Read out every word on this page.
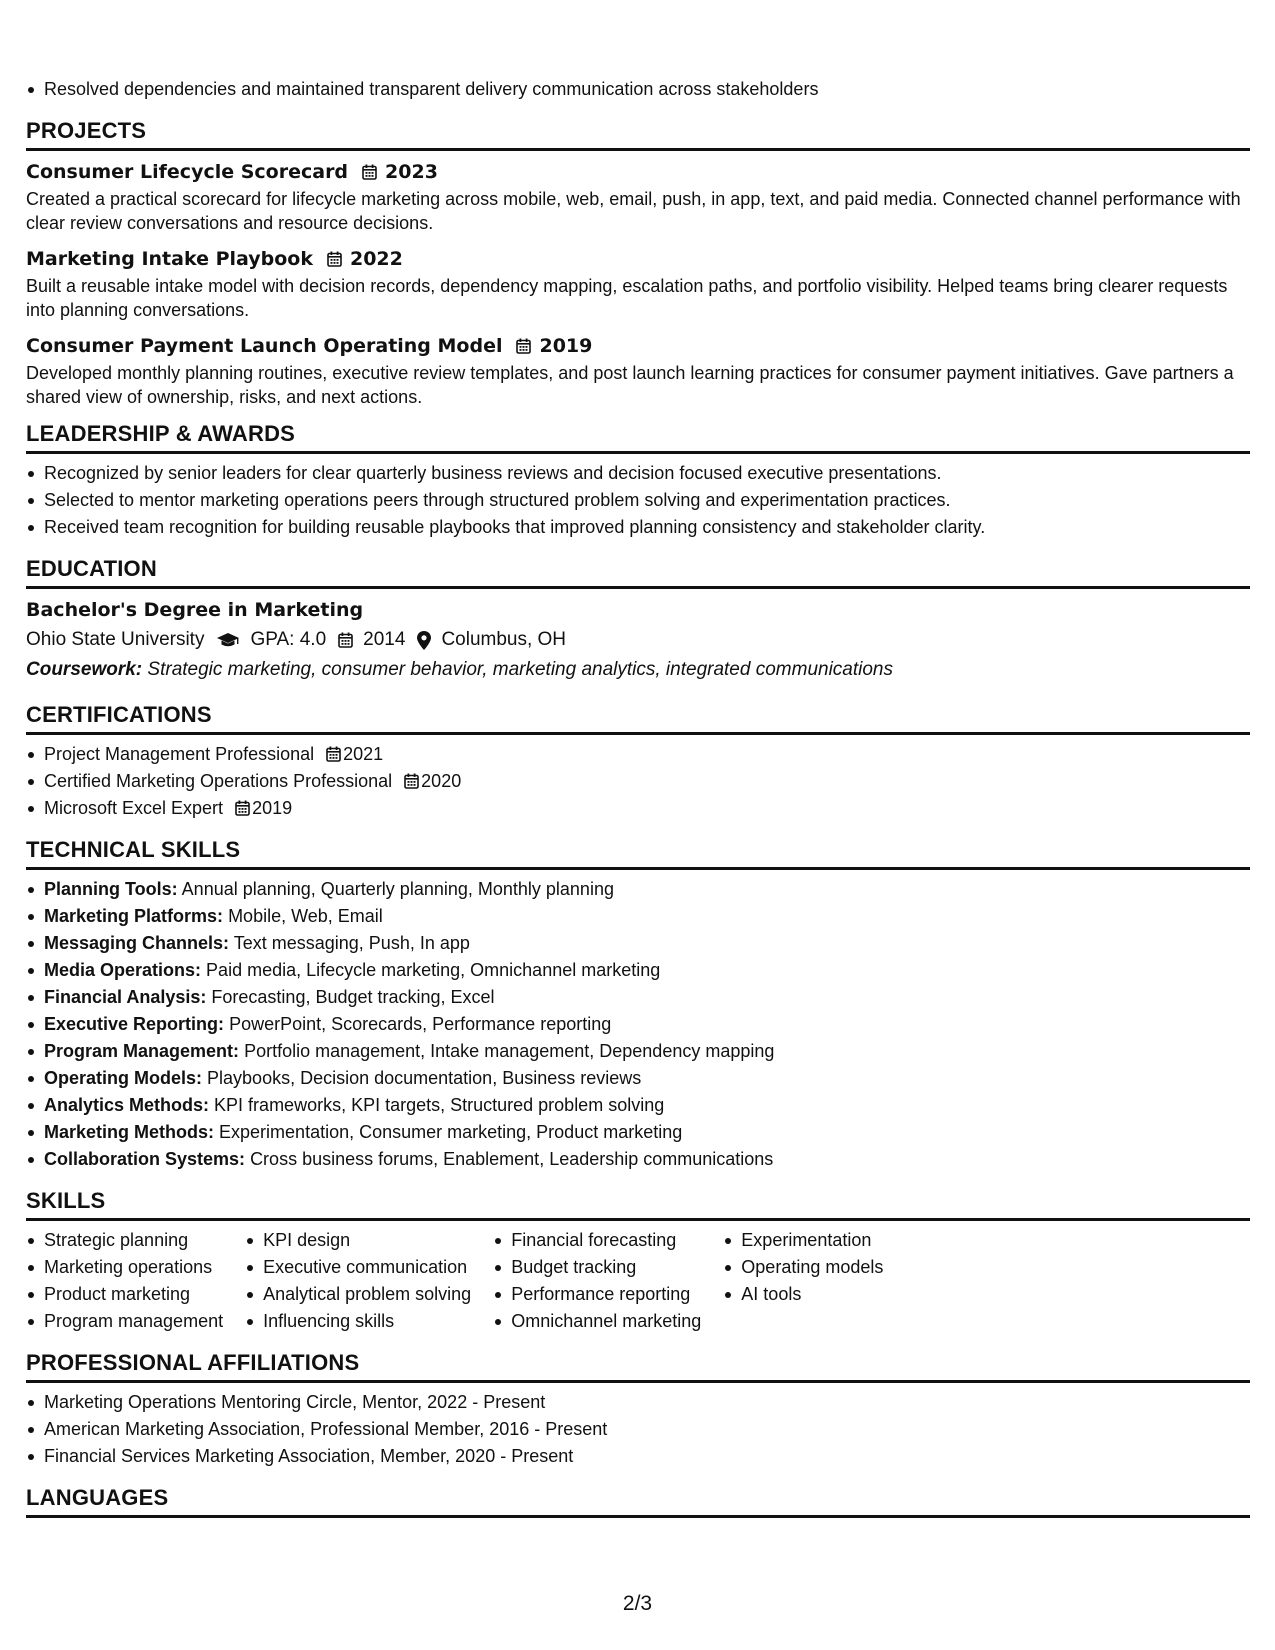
Resolved dependencies and maintained transparent delivery communication across stakeholders
PROJECTS
Consumer Lifecycle Scorecard 2023
Created a practical scorecard for lifecycle marketing across mobile, web, email, push, in app, text, and paid media. Connected channel performance with clear review conversations and resource decisions.
Marketing Intake Playbook 2022
Built a reusable intake model with decision records, dependency mapping, escalation paths, and portfolio visibility. Helped teams bring clearer requests into planning conversations.
Consumer Payment Launch Operating Model 2019
Developed monthly planning routines, executive review templates, and post launch learning practices for consumer payment initiatives. Gave partners a shared view of ownership, risks, and next actions.
LEADERSHIP & AWARDS
Recognized by senior leaders for clear quarterly business reviews and decision focused executive presentations.
Selected to mentor marketing operations peers through structured problem solving and experimentation practices.
Received team recognition for building reusable playbooks that improved planning consistency and stakeholder clarity.
EDUCATION
Bachelor's Degree in Marketing
Ohio State University GPA: 4.0 2014 Columbus, OH
Coursework: Strategic marketing, consumer behavior, marketing analytics, integrated communications
CERTIFICATIONS
Project Management Professional 2021
Certified Marketing Operations Professional 2020
Microsoft Excel Expert 2019
TECHNICAL SKILLS
Planning Tools: Annual planning, Quarterly planning, Monthly planning
Marketing Platforms: Mobile, Web, Email
Messaging Channels: Text messaging, Push, In app
Media Operations: Paid media, Lifecycle marketing, Omnichannel marketing
Financial Analysis: Forecasting, Budget tracking, Excel
Executive Reporting: PowerPoint, Scorecards, Performance reporting
Program Management: Portfolio management, Intake management, Dependency mapping
Operating Models: Playbooks, Decision documentation, Business reviews
Analytics Methods: KPI frameworks, KPI targets, Structured problem solving
Marketing Methods: Experimentation, Consumer marketing, Product marketing
Collaboration Systems: Cross business forums, Enablement, Leadership communications
SKILLS
Strategic planning
Marketing operations
Product marketing
Program management
KPI design
Executive communication
Analytical problem solving
Influencing skills
Financial forecasting
Budget tracking
Performance reporting
Omnichannel marketing
Experimentation
Operating models
AI tools
PROFESSIONAL AFFILIATIONS
Marketing Operations Mentoring Circle, Mentor, 2022 - Present
American Marketing Association, Professional Member, 2016 - Present
Financial Services Marketing Association, Member, 2020 - Present
LANGUAGES
2/3
